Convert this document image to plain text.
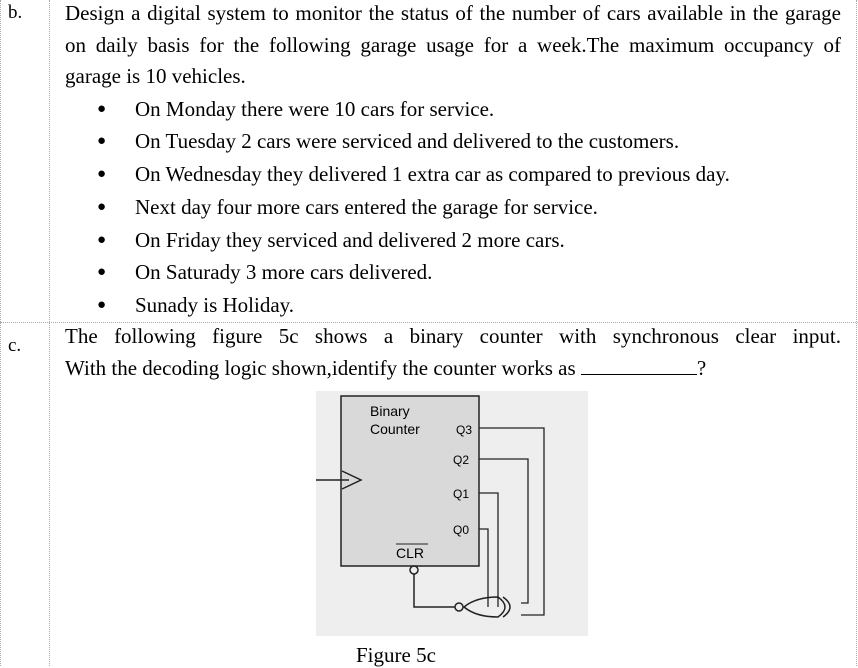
b. Design a digital system to monitor the status of the number of cars available in the garage on daily basis for the following garage usage for a week.The maximum occupancy of garage is 10 vehicles.

● On Monday there were 10 cars for service.
● On Tuesday 2 cars were serviced and delivered to the customers.
● On Wednesday they delivered 1 extra car as compared to previous day.
● Next day four more cars entered the garage for service.
● On Friday they serviced and delivered 2 more cars.
● On Saturady 3 more cars delivered.
● Sunady is Holiday.
c. The following figure 5c shows a binary counter with synchronous clear input.

With the decoding logic shown,identify the counter works as	?

Binary
Counter	Q3
Q2
Q1
Q0
CLR
Figure 5c
